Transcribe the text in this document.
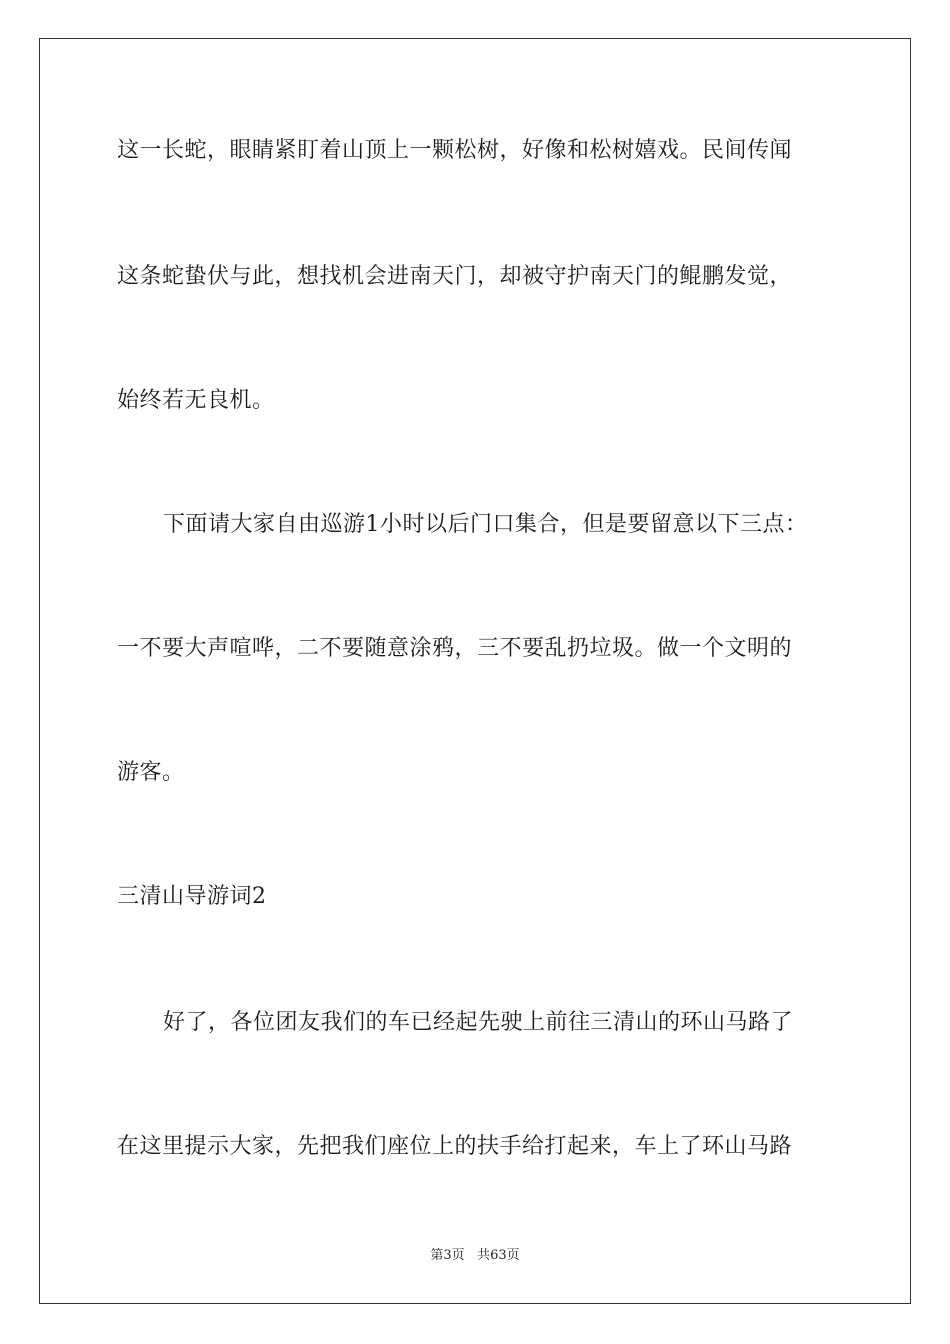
这一长蛇，眼睛紧盯着山顶上一颗松树，好像和松树嬉戏。民间传闻
这条蛇蛰伏与此，想找机会进南天门，却被守护南天门的鲲鹏发觉，
始终若无良机。
下面请大家自由巡游1小时以后门口集合，但是要留意以下三点：
一不要大声喧哗，二不要随意涂鸦，三不要乱扔垃圾。做一个文明的
游客。
三清山导游词2
好了，各位团友我们的车已经起先驶上前往三清山的环山马路了
在这里提示大家，先把我们座位上的扶手给打起来，车上了环山马路
第3页 共63页
